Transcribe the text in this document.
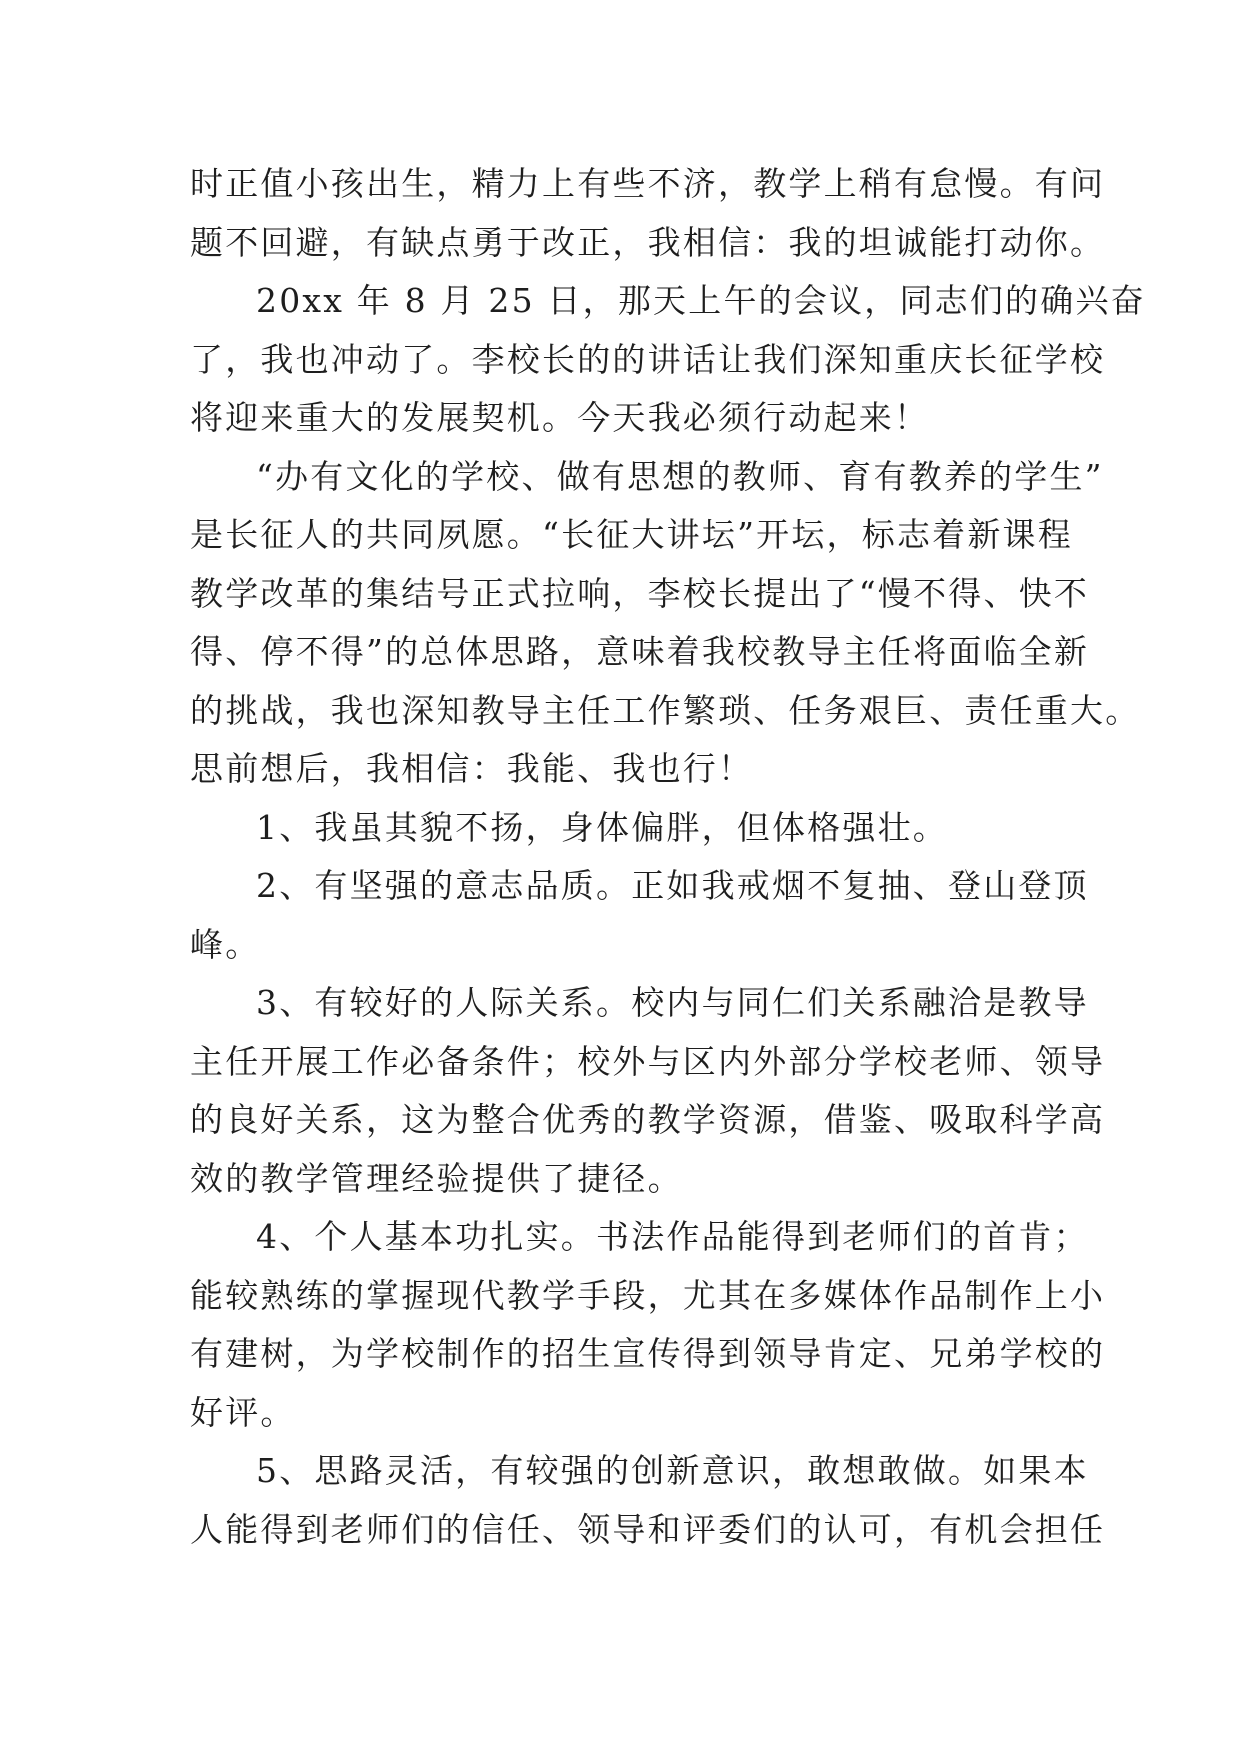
时正值小孩出生，精力上有些不济，教学上稍有怠慢。有问
题不回避，有缺点勇于改正，我相信：我的坦诚能打动你。
20xx 年 8 月 25 日，那天上午的会议，同志们的确兴奋
了，我也冲动了。李校长的的讲话让我们深知重庆长征学校
将迎来重大的发展契机。今天我必须行动起来！
“办有文化的学校、做有思想的教师、育有教养的学生”
是长征人的共同夙愿。“长征大讲坛”开坛，标志着新课程
教学改革的集结号正式拉响，李校长提出了“慢不得、快不
得、停不得”的总体思路，意味着我校教导主任将面临全新
的挑战，我也深知教导主任工作繁琐、任务艰巨、责任重大。
思前想后，我相信：我能、我也行！
1、我虽其貌不扬，身体偏胖，但体格强壮。
2、有坚强的意志品质。正如我戒烟不复抽、登山登顶
峰。
3、有较好的人际关系。校内与同仁们关系融洽是教导
主任开展工作必备条件；校外与区内外部分学校老师、领导
的良好关系，这为整合优秀的教学资源，借鉴、吸取科学高
效的教学管理经验提供了捷径。
4、个人基本功扎实。书法作品能得到老师们的首肯；
能较熟练的掌握现代教学手段，尤其在多媒体作品制作上小
有建树，为学校制作的招生宣传得到领导肯定、兄弟学校的
好评。
5、思路灵活，有较强的创新意识，敢想敢做。如果本
人能得到老师们的信任、领导和评委们的认可，有机会担任
